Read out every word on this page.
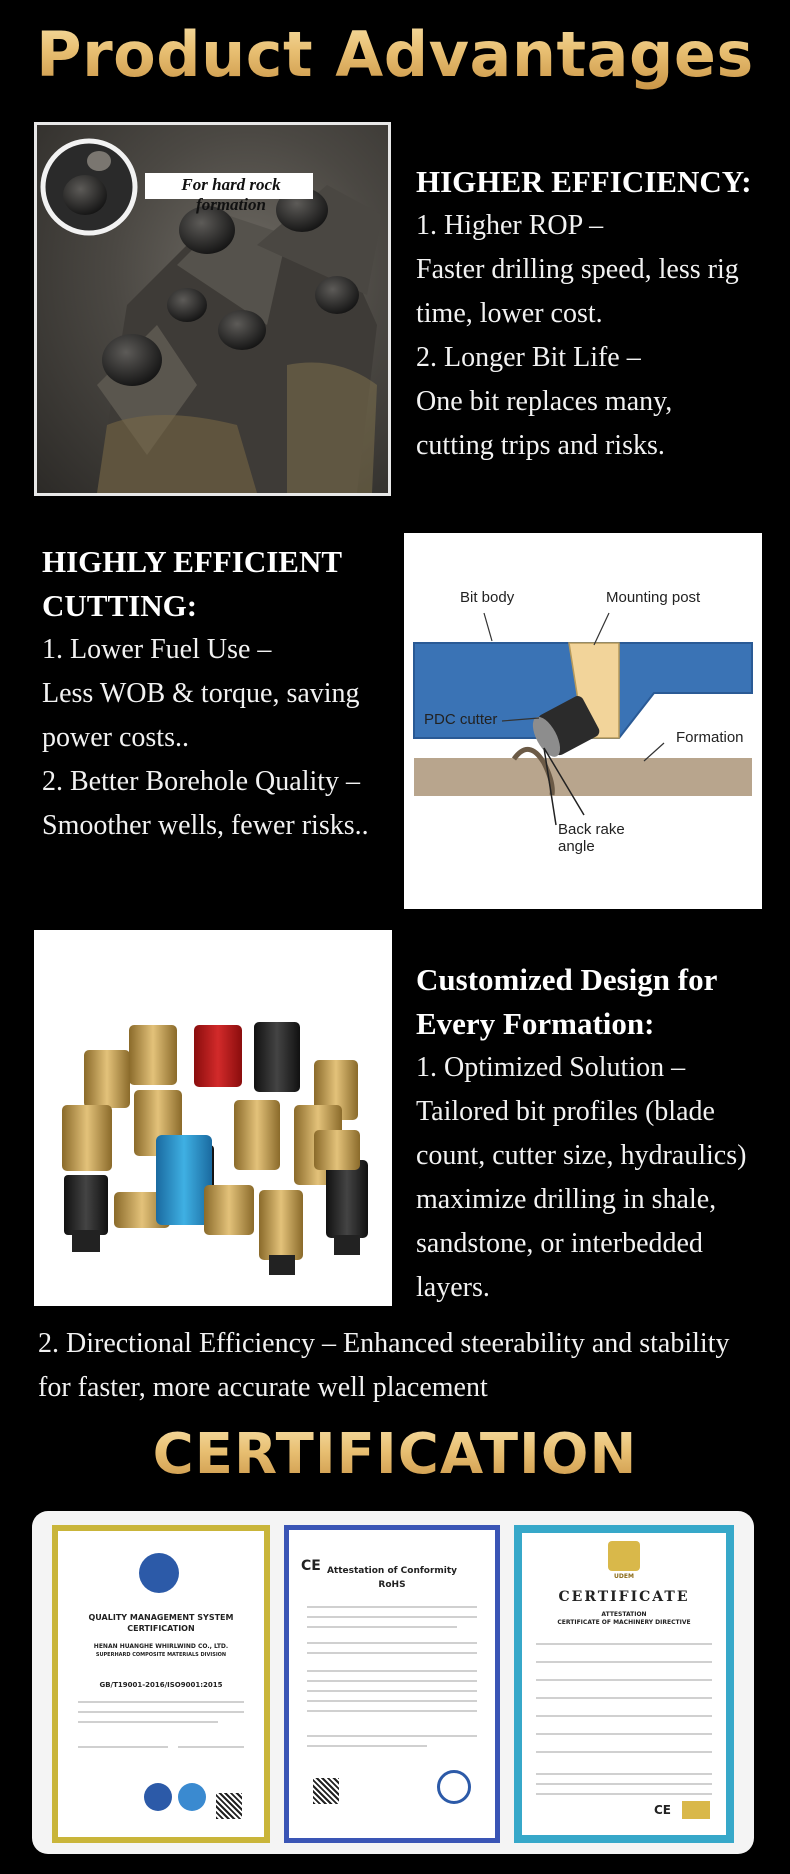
Product Advantages
For hard rock formation
HIGHER EFFICIENCY:

1. Higher ROP –

Faster drilling speed, less rig

time, lower cost.

2. Longer Bit Life –

One bit replaces many,

cutting trips and risks.

HIGHLY EFFICIENT
CUTTING:

1. Lower Fuel Use –

Less WOB & torque, saving

power costs..

2. Better Borehole Quality –

Smoother wells, fewer risks..

Bit body	Mounting post
PDC cutter
Formation
Back rake
angle
Customized Design for
Every Formation:

1. Optimized Solution –

Tailored bit profiles (blade

count, cutter size, hydraulics)

maximize drilling in shale,

sandstone, or interbedded

layers.

2. Directional Efficiency – Enhanced steerability and stability

for faster, more accurate well placement

CERTIFICATION
QUALITY MANAGEMENT SYSTEM
CERTIFICATION
HENAN HUANGHE WHIRLWIND CO., LTD.
SUPERHARD COMPOSITE MATERIALS DIVISION
GB/T19001-2016/ISO9001:2015
CE Attestation of Conformity
RoHS
UDEM
CERTIFICATE
ATTESTATION
CERTIFICATE OF MACHINERY DIRECTIVE
CE
